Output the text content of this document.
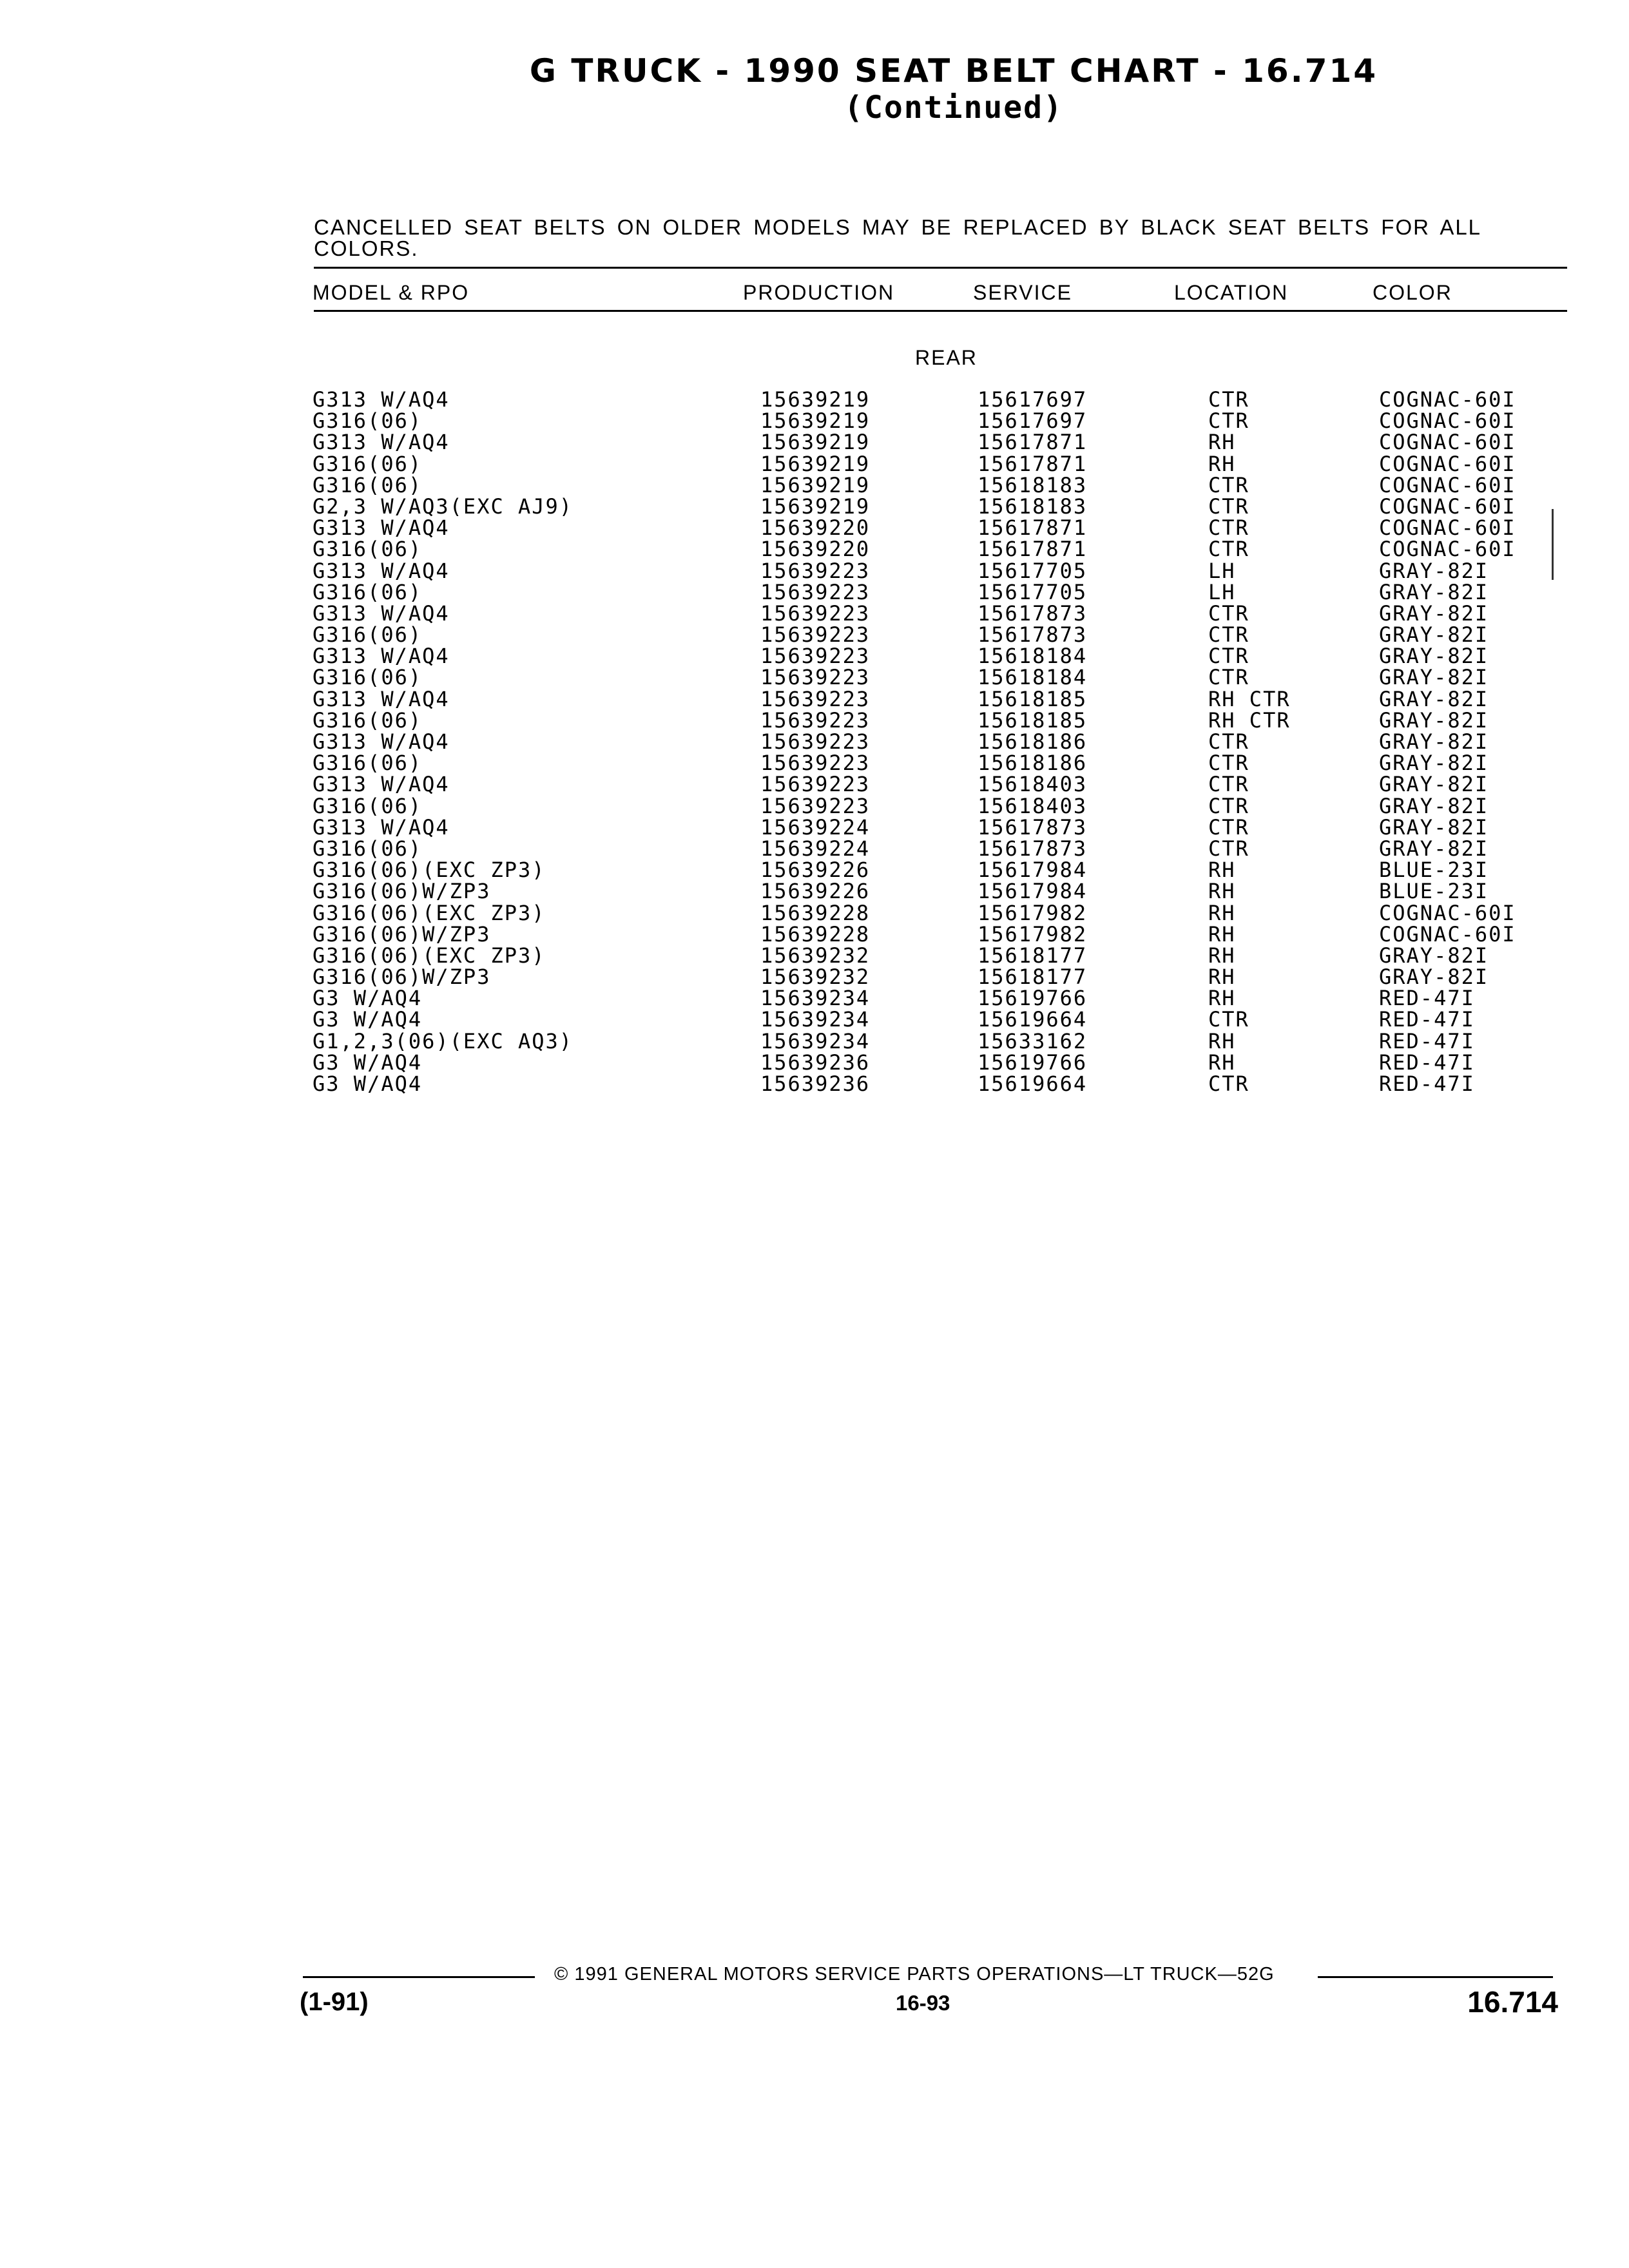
G TRUCK - 1990 SEAT BELT CHART - 16.714
(Continued)
CANCELLED SEAT BELTS ON OLDER MODELS MAY BE REPLACED BY BLACK SEAT BELTS FOR ALL COLORS.
MODEL & RPO	PRODUCTION	SERVICE	LOCATION	COLOR
REAR
G313 W/AQ4	15639219	15617697	CTR	COGNAC-60I
G316(06)	15639219	15617697	CTR	COGNAC-60I
G313 W/AQ4	15639219	15617871	RH	COGNAC-60I
G316(06)	15639219	15617871	RH	COGNAC-60I
G316(06)	15639219	15618183	CTR	COGNAC-60I
G2,3 W/AQ3(EXC AJ9)	15639219	15618183	CTR	COGNAC-60I
G313 W/AQ4	15639220	15617871	CTR	COGNAC-60I
G316(06)	15639220	15617871	CTR	COGNAC-60I
G313 W/AQ4	15639223	15617705	LH	GRAY-82I
G316(06)	15639223	15617705	LH	GRAY-82I
G313 W/AQ4	15639223	15617873	CTR	GRAY-82I
G316(06)	15639223	15617873	CTR	GRAY-82I
G313 W/AQ4	15639223	15618184	CTR	GRAY-82I
G316(06)	15639223	15618184	CTR	GRAY-82I
G313 W/AQ4	15639223	15618185	RH CTR	GRAY-82I
G316(06)	15639223	15618185	RH CTR	GRAY-82I
G313 W/AQ4	15639223	15618186	CTR	GRAY-82I
G316(06)	15639223	15618186	CTR	GRAY-82I
G313 W/AQ4	15639223	15618403	CTR	GRAY-82I
G316(06)	15639223	15618403	CTR	GRAY-82I
G313 W/AQ4	15639224	15617873	CTR	GRAY-82I
G316(06)	15639224	15617873	CTR	GRAY-82I
G316(06)(EXC ZP3)	15639226	15617984	RH	BLUE-23I
G316(06)W/ZP3	15639226	15617984	RH	BLUE-23I
G316(06)(EXC ZP3)	15639228	15617982	RH	COGNAC-60I
G316(06)W/ZP3	15639228	15617982	RH	COGNAC-60I
G316(06)(EXC ZP3)	15639232	15618177	RH	GRAY-82I
G316(06)W/ZP3	15639232	15618177	RH	GRAY-82I
G3 W/AQ4	15639234	15619766	RH	RED-47I
G3 W/AQ4	15639234	15619664	CTR	RED-47I
G1,2,3(06)(EXC AQ3)	15639234	15633162	RH	RED-47I
G3 W/AQ4	15639236	15619766	RH	RED-47I
G3 W/AQ4	15639236	15619664	CTR	RED-47I
© 1991 GENERAL MOTORS SERVICE PARTS OPERATIONS—LT TRUCK—52G
(1-91)	16-93	16.714
